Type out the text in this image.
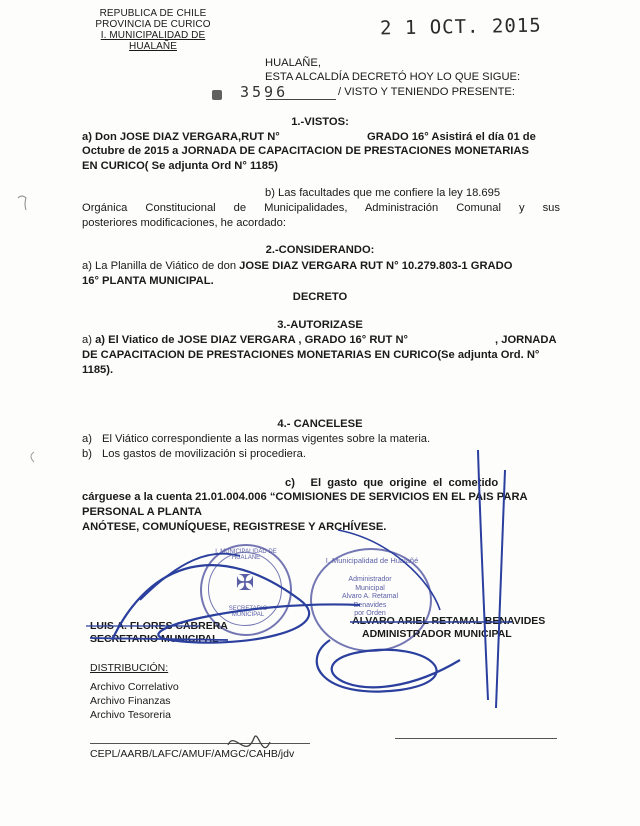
REPUBLICA DE CHILE
PROVINCIA DE CURICO
I. MUNICIPALIDAD DE HUALAÑE
2 1 OCT. 2015
HUALAÑE,
ESTA ALCALDÍA DECRETÓ HOY LO QUE SIGUE:
3596	/ VISTO Y TENIENDO PRESENTE:
1.-VISTOS:
a) Don JOSE DIAZ VERGARA,RUT N°	GRADO 16° Asistirá el día 01 de
Octubre de 2015 a JORNADA DE CAPACITACION DE PRESTACIONES MONETARIAS
EN CURICO( Se adjunta Ord N° 1185)
b) Las facultades que me confiere la ley 18.695
Orgánica Constitucional de Municipalidades, Administración Comunal y sus
posteriores modificaciones, he acordado:
2.-CONSIDERANDO:
a) La Planilla de Viático de don JOSE DIAZ VERGARA RUT N° 10.279.803-1 GRADO
16° PLANTA MUNICIPAL.
DECRETO
3.-AUTORIZASE
a) a) El Viatico de JOSE DIAZ VERGARA , GRADO 16° RUT N°	, JORNADA
DE CAPACITACION DE PRESTACIONES MONETARIAS EN CURICO(Se adjunta Ord. N°
1185).
4.- CANCELESE
a) El Viático correspondiente a las normas vigentes sobre la materia.
b) Los gastos de movilización si procediera.
c)     El  gasto  que  origine  el  cometido
cárguese a la cuenta 21.01.004.006 “COMISIONES DE SERVICIOS EN EL PAIS PARA
PERSONAL A PLANTA
ANÓTESE, COMUNÍQUESE, REGISTRESE Y ARCHÍVESE.
I. MUNICIPALIDAD DE HUALAÑE
SECRETARIO MUNICIPAL
✠
I. Municipalidad de Hualañé
Administrador
Municipal
Alvaro A. Retamal
Benavides
por Orden
LUIS A. FLORES CABRERA
SECRETARIO MUNICIPAL
ALVARO ARIEL RETAMAL BENAVIDES
ADMINISTRADOR MUNICIPAL
DISTRIBUCIÓN:
Archivo Correlativo
Archivo Finanzas
Archivo Tesoreria
CEPL/AARB/LAFC/AMUF/AMGC/CAHB/jdv
